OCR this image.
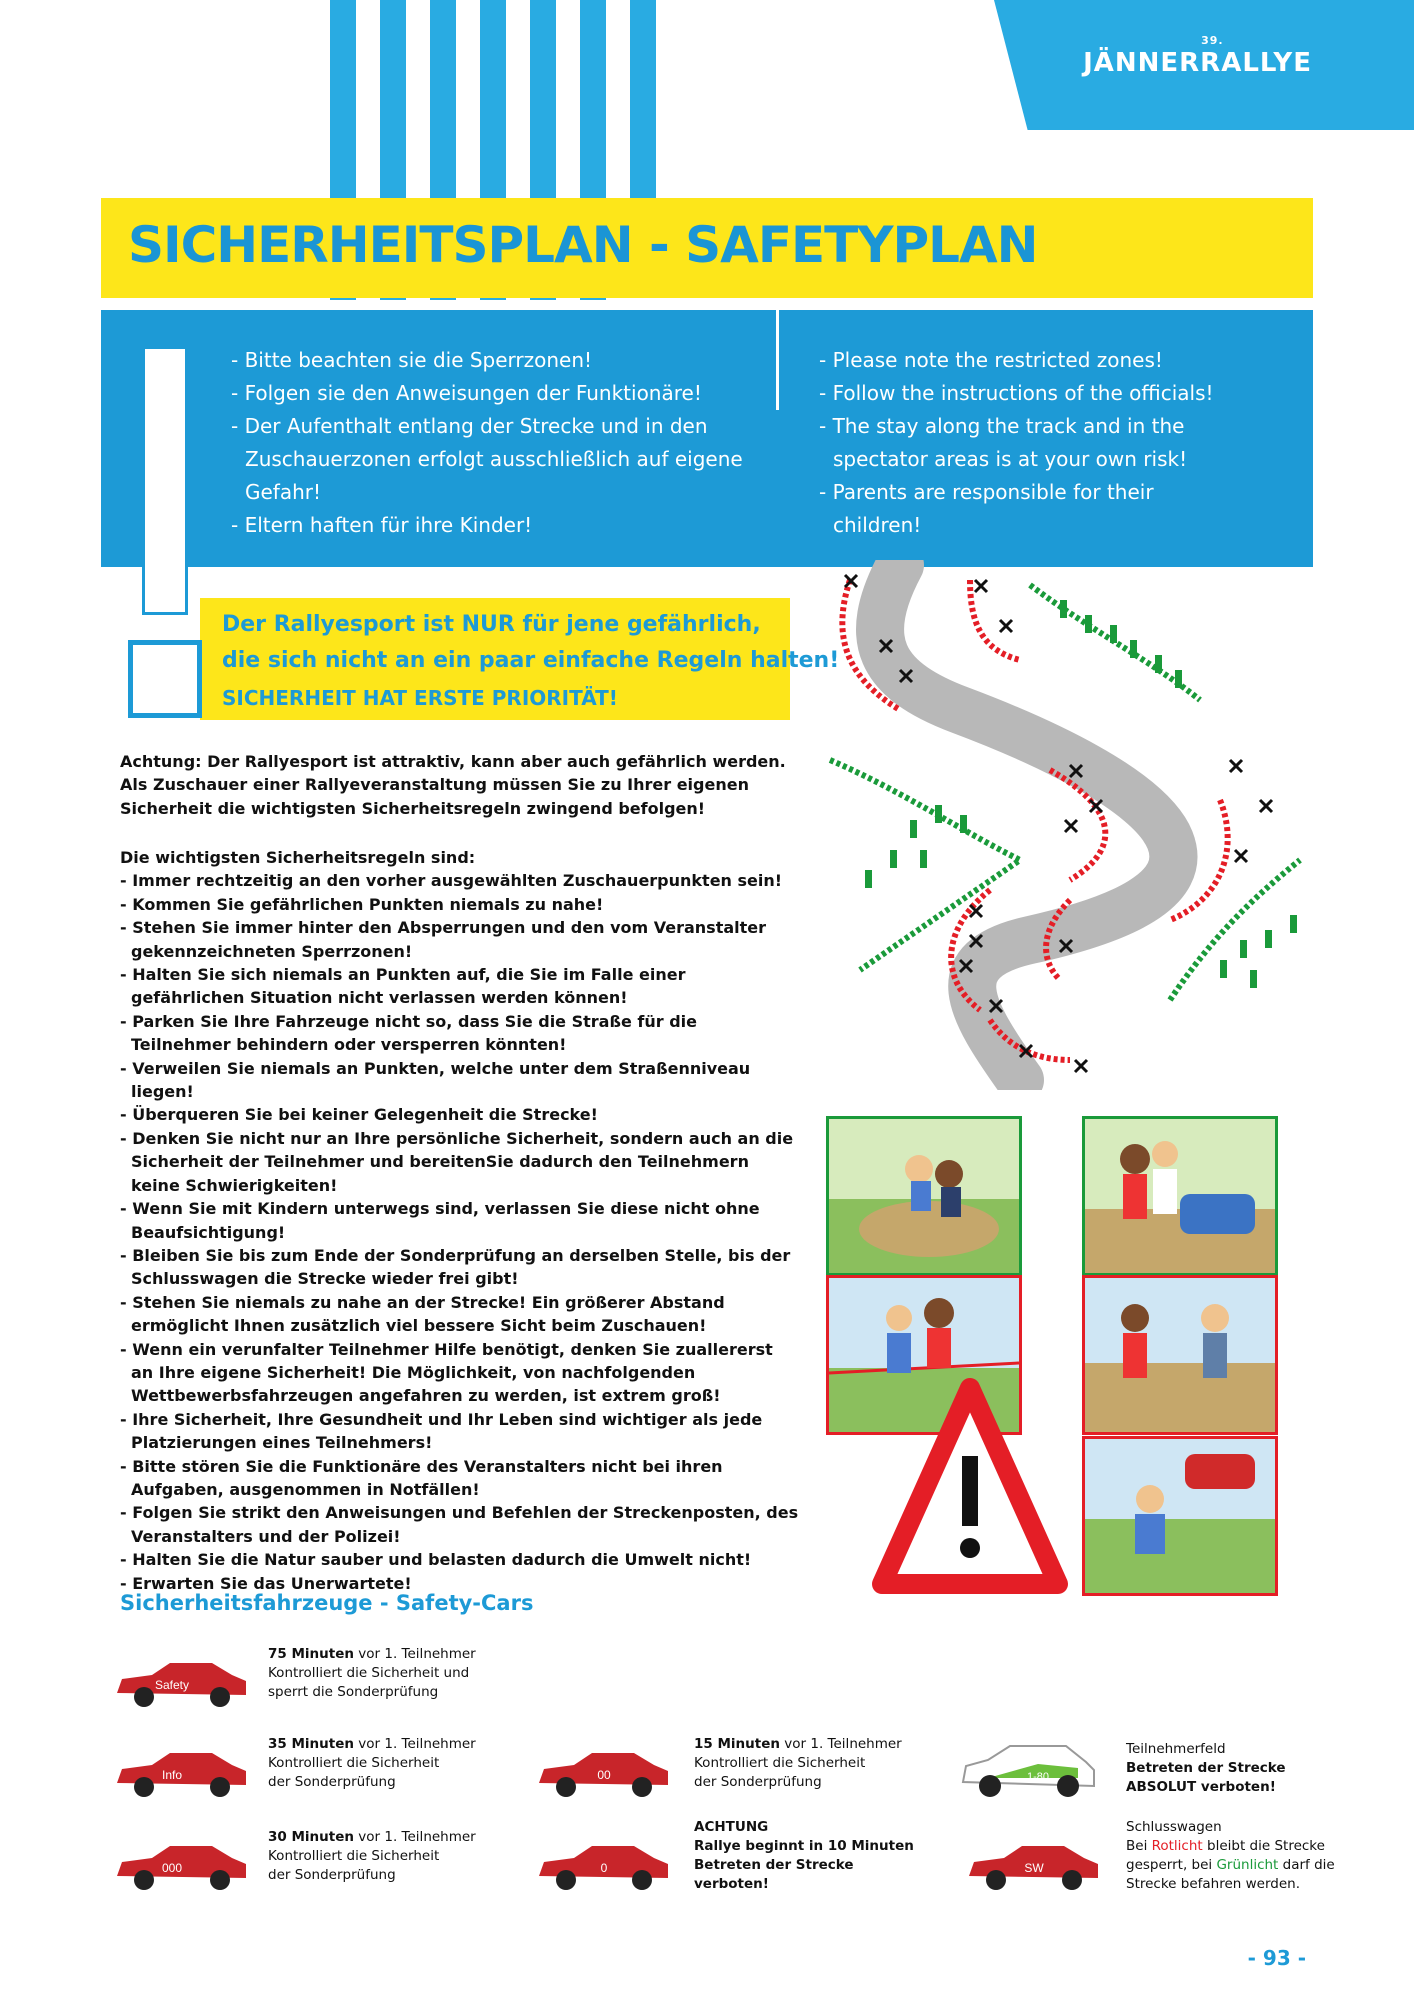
39.
JÄNNERRALLYE
SICHERHEITSPLAN - SAFETYPLAN
- Bitte beachten sie die Sperrzonen!
- Folgen sie den Anweisungen der Funktionäre!
- Der Aufenthalt entlang der Strecke und in den Zuschauerzonen erfolgt ausschließlich auf eigene Gefahr!
- Eltern haften für ihre Kinder!
- Please note the restricted zones!
- Follow the instructions of the officials!
- The stay along the track and in the spectator areas is at your own risk!
- Parents are responsible for their children!
Der Rallyesport ist NUR für jene gefährlich,
die sich nicht an ein paar einfache Regeln halten!
SICHERHEIT HAT ERSTE PRIORITÄT!

Achtung: Der Rallyesport ist attraktiv, kann aber auch gefährlich werden. Als Zuschauer einer Rallyeveranstaltung müssen Sie zu Ihrer eigenen Sicherheit die wichtigsten Sicherheitsregeln zwingend befolgen!

Die wichtigsten Sicherheitsregeln sind:

- Immer rechtzeitig an den vorher ausgewählten Zuschauerpunkten sein!

- Kommen Sie gefährlichen Punkten niemals zu nahe!

- Stehen Sie immer hinter den Absperrungen und den vom Veranstalter gekennzeichneten Sperrzonen!

- Halten Sie sich niemals an Punkten auf, die Sie im Falle einer gefährlichen Situation nicht verlassen werden können!

- Parken Sie Ihre Fahrzeuge nicht so, dass Sie die Straße für die Teilnehmer behindern oder versperren könnten!

- Verweilen Sie niemals an Punkten, welche unter dem Straßenniveau liegen!

- Überqueren Sie bei keiner Gelegenheit die Strecke!

- Denken Sie nicht nur an Ihre persönliche Sicherheit, sondern auch an die Sicherheit der Teilnehmer und bereitenSie dadurch den Teilnehmern keine Schwierigkeiten!

- Wenn Sie mit Kindern unterwegs sind, verlassen Sie diese nicht ohne Beaufsichtigung!

- Bleiben Sie bis zum Ende der Sonderprüfung an derselben Stelle, bis der Schlusswagen die Strecke wieder frei gibt!

- Stehen Sie niemals zu nahe an der Strecke! Ein größerer Abstand ermöglicht Ihnen zusätzlich viel bessere Sicht beim Zuschauen!

- Wenn ein verunfalter Teilnehmer Hilfe benötigt, denken Sie zuallererst an Ihre eigene Sicherheit! Die Möglichkeit, von nachfolgenden Wettbewerbsfahrzeugen angefahren zu werden, ist extrem groß!

- Ihre Sicherheit, Ihre Gesundheit und Ihr Leben sind wichtiger als jede Platzierungen eines Teilnehmers!

- Bitte stören Sie die Funktionäre des Veranstalters nicht bei ihren Aufgaben, ausgenommen in Notfällen!

- Folgen Sie strikt den Anweisungen und Befehlen der Streckenposten, des Veranstalters und der Polizei!

- Halten Sie die Natur sauber und belasten dadurch die Umwelt nicht!

- Erwarten Sie das Unerwartete!

Sicherheitsfahrzeuge - Safety-Cars
Safety
75 Minuten vor 1. Teilnehmer
Kontrolliert die Sicherheit und
sperrt die Sonderprüfung
Info
35 Minuten vor 1. Teilnehmer
Kontrolliert die Sicherheit
der Sonderprüfung
000
30 Minuten vor 1. Teilnehmer
Kontrolliert die Sicherheit
der Sonderprüfung
00
15 Minuten vor 1. Teilnehmer
Kontrolliert die Sicherheit
der Sonderprüfung
0
ACHTUNG
Rallye beginnt in 10 Minuten
Betreten der Strecke
verboten!
1-80
Teilnehmerfeld
Betreten der Strecke
ABSOLUT verboten!
SW
Schlusswagen
Bei Rotlicht bleibt die Strecke
gesperrt, bei Grünlicht darf die
Strecke befahren werden.
- 93 -
